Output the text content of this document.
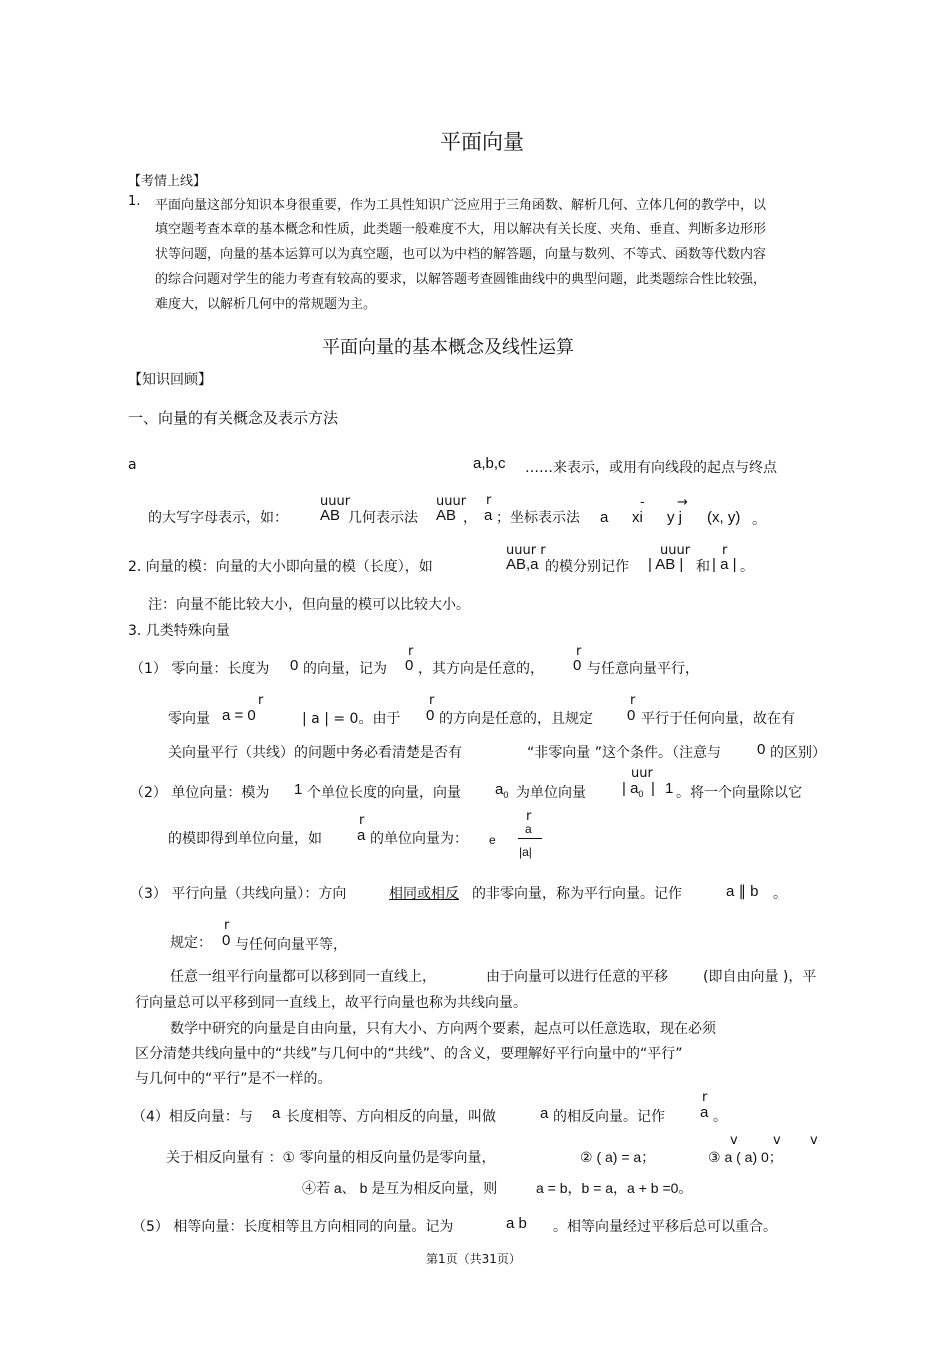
平面向量
【考情上线】
1. 平面向量这部分知识本身很重要，作为工具性知识广泛应用于三角函数、解析几何、立体几何的教学中，以
填空题考查本章的基本概念和性质，此类题一般难度不大，用以解决有关长度、夹角、垂直、判断多边形形
状等问题，向量的基本运算可以为真空题，也可以为中档的解答题，向量与数列、不等式、函数等代数内容
的综合问题对学生的能力考查有较高的要求，以解答题考查圆锥曲线中的典型问题，此类题综合性比较强，
难度大，以解析几何中的常规题为主。
平面向量的基本概念及线性运算
【知识回顾】
一、向量的有关概念及表示方法
a	a,b,c ……来表示，或用有向线段的起点与终点
的大写字母表示，如：
uuur
AB 几何表示法
uuur
AB ，
r
a ；坐标表示法 a
-
xi
→
y j (x, y) 。
2. 向量的模：向量的大小即向量的模（长度），如
uuur r
AB,a 的模分别记作
uuur
| AB | 和
r
| a | 。
注：向量不能比较大小，但向量的模可以比较大小。
3. 几类特殊向量
（1） 零向量：长度为 0 的向量，记为
r
0 ，其方向是任意的，
r
0 与任意向量平行，
零向量
r
a = 0	| a | = 0。由于
r
0 的方向是任意的，且规定
r
0 平行于任何向量，故在有
关向量平行（共线）的问题中务必看清楚是否有	“非零向量 ”这个条件。（注意与 0 的区别）
（2） 单位向量：模为 1 个单位长度的向量，向量 $a_0$ 为单位向量
uur
| $a_0$ | 1 。将一个向量除以它
的模即得到单位向量，如
r
a 的单位向量为： e
r
a
|a|
（3） 平行向量（共线向量）：方向	相同或相反 的非零向量，称为平行向量。记作	a ∥ b 。
规定：
r
0 与任何向量平等，
任意一组平行向量都可以移到同一直线上，	由于向量可以进行任意的平移	(即自由向量 )，平
行向量总可以平移到同一直线上，故平行向量也称为共线向量。
数学中研究的向量是自由向量，只有大小、方向两个要素，起点可以任意选取，现在必须
区分清楚共线向量中的“共线”与几何中的“共线”、的含义，要理解好平行向量中的“平行”
与几何中的“平行”是不一样的。
（4）相反向量：与 a 长度相等、方向相反的向量，叫做	a 的相反向量。记作
r
a 。
v	v v
关于相反向量有 ：① 零向量的相反向量仍是零向量，	② ( a) = a；	③ a ( a) 0；
④若 a、 b 是互为相反向量，则	a = b，b = a，a + b =0。
（5） 相等向量：长度相等且方向相同的向量。记为	a b 。相等向量经过平移后总可以重合。
第1页（共31页）
